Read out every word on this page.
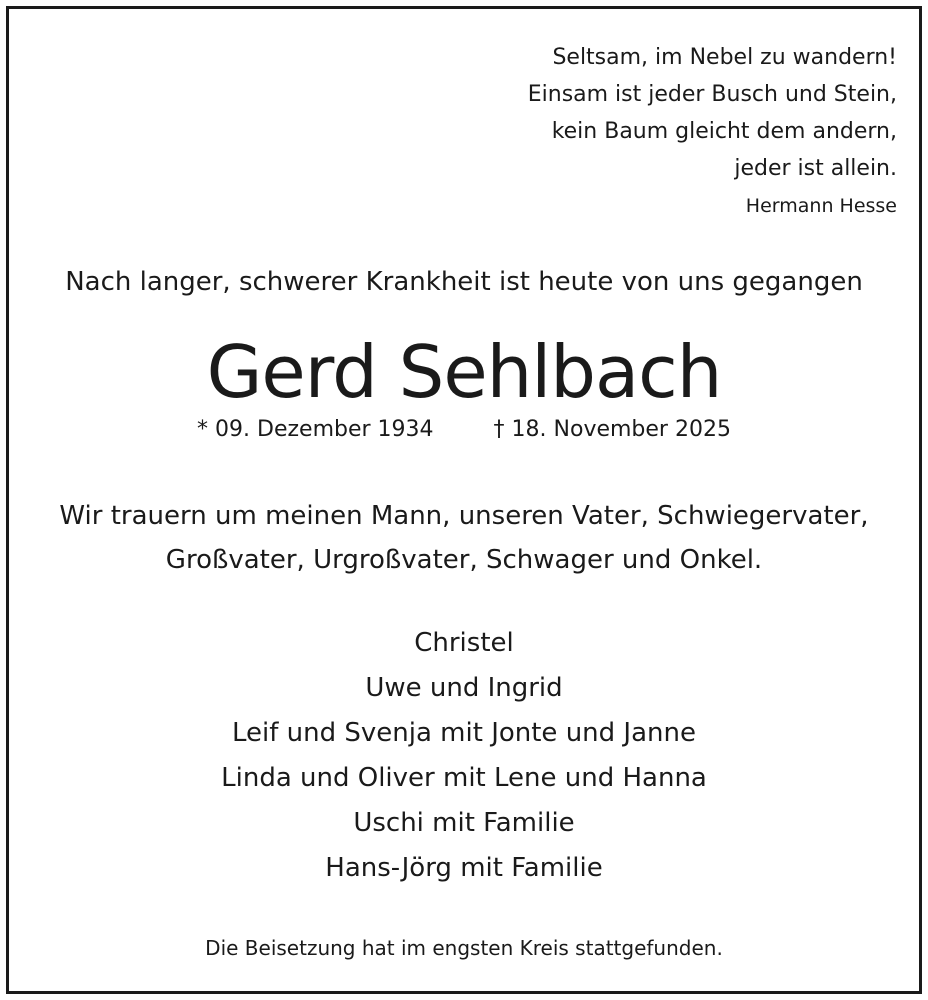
Seltsam, im Nebel zu wandern!
Einsam ist jeder Busch und Stein,
kein Baum gleicht dem andern,
jeder ist allein.
Hermann Hesse
Nach langer, schwerer Krankheit ist heute von uns gegangen
Gerd Sehlbach
* 09. Dezember 1934	† 18. November 2025
Wir trauern um meinen Mann, unseren Vater, Schwiegervater,
Großvater, Urgroßvater, Schwager und Onkel.
Christel
Uwe und Ingrid
Leif und Svenja mit Jonte und Janne
Linda und Oliver mit Lene und Hanna
Uschi mit Familie
Hans-Jörg mit Familie
Die Beisetzung hat im engsten Kreis stattgefunden.
